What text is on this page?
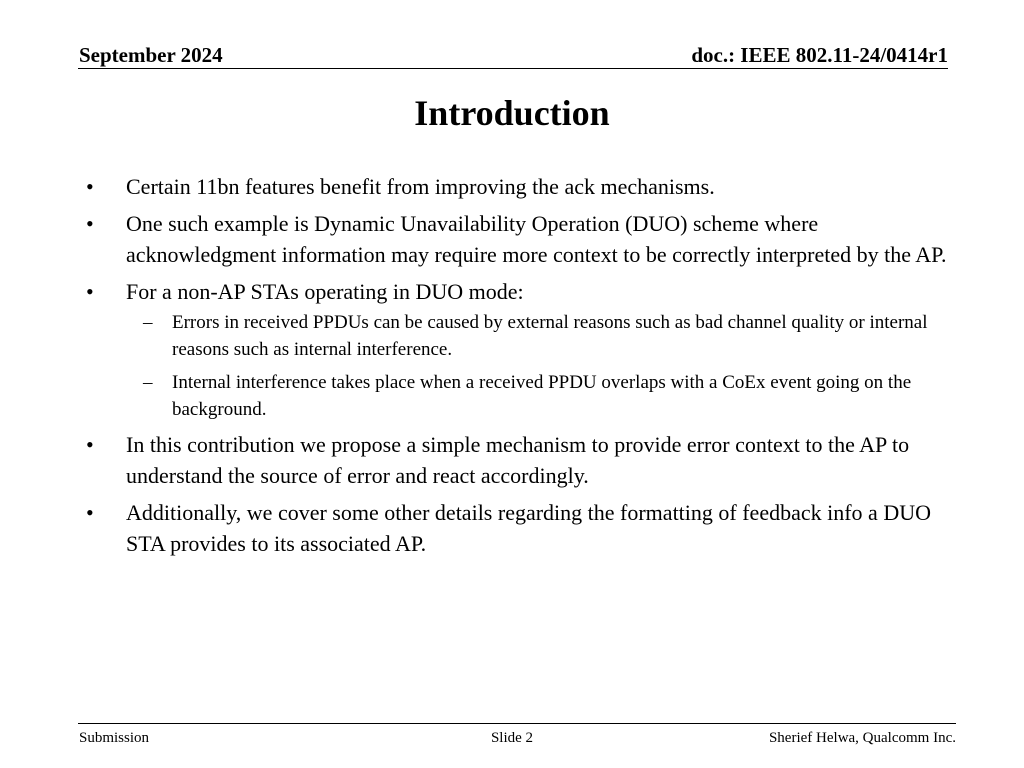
September 2024	doc.: IEEE 802.11-24/0414r1
Introduction
•	Certain 11bn features benefit from improving the ack mechanisms.
•	One such example is Dynamic Unavailability Operation (DUO) scheme where acknowledgment information may require more context to be correctly interpreted by the AP.
•	For a non-AP STAs operating in DUO mode:
– Errors in received PPDUs can be caused by external reasons such as bad channel quality or internal reasons such as internal interference.
– Internal interference takes place when a received PPDU overlaps with a CoEx event going on the background.
•	In this contribution we propose a simple mechanism to provide error context to the AP to understand the source of error and react accordingly.
•	Additionally, we cover some other details regarding the formatting of feedback info a DUO STA provides to its associated AP.
Submission	Slide 2	Sherief Helwa, Qualcomm Inc.
